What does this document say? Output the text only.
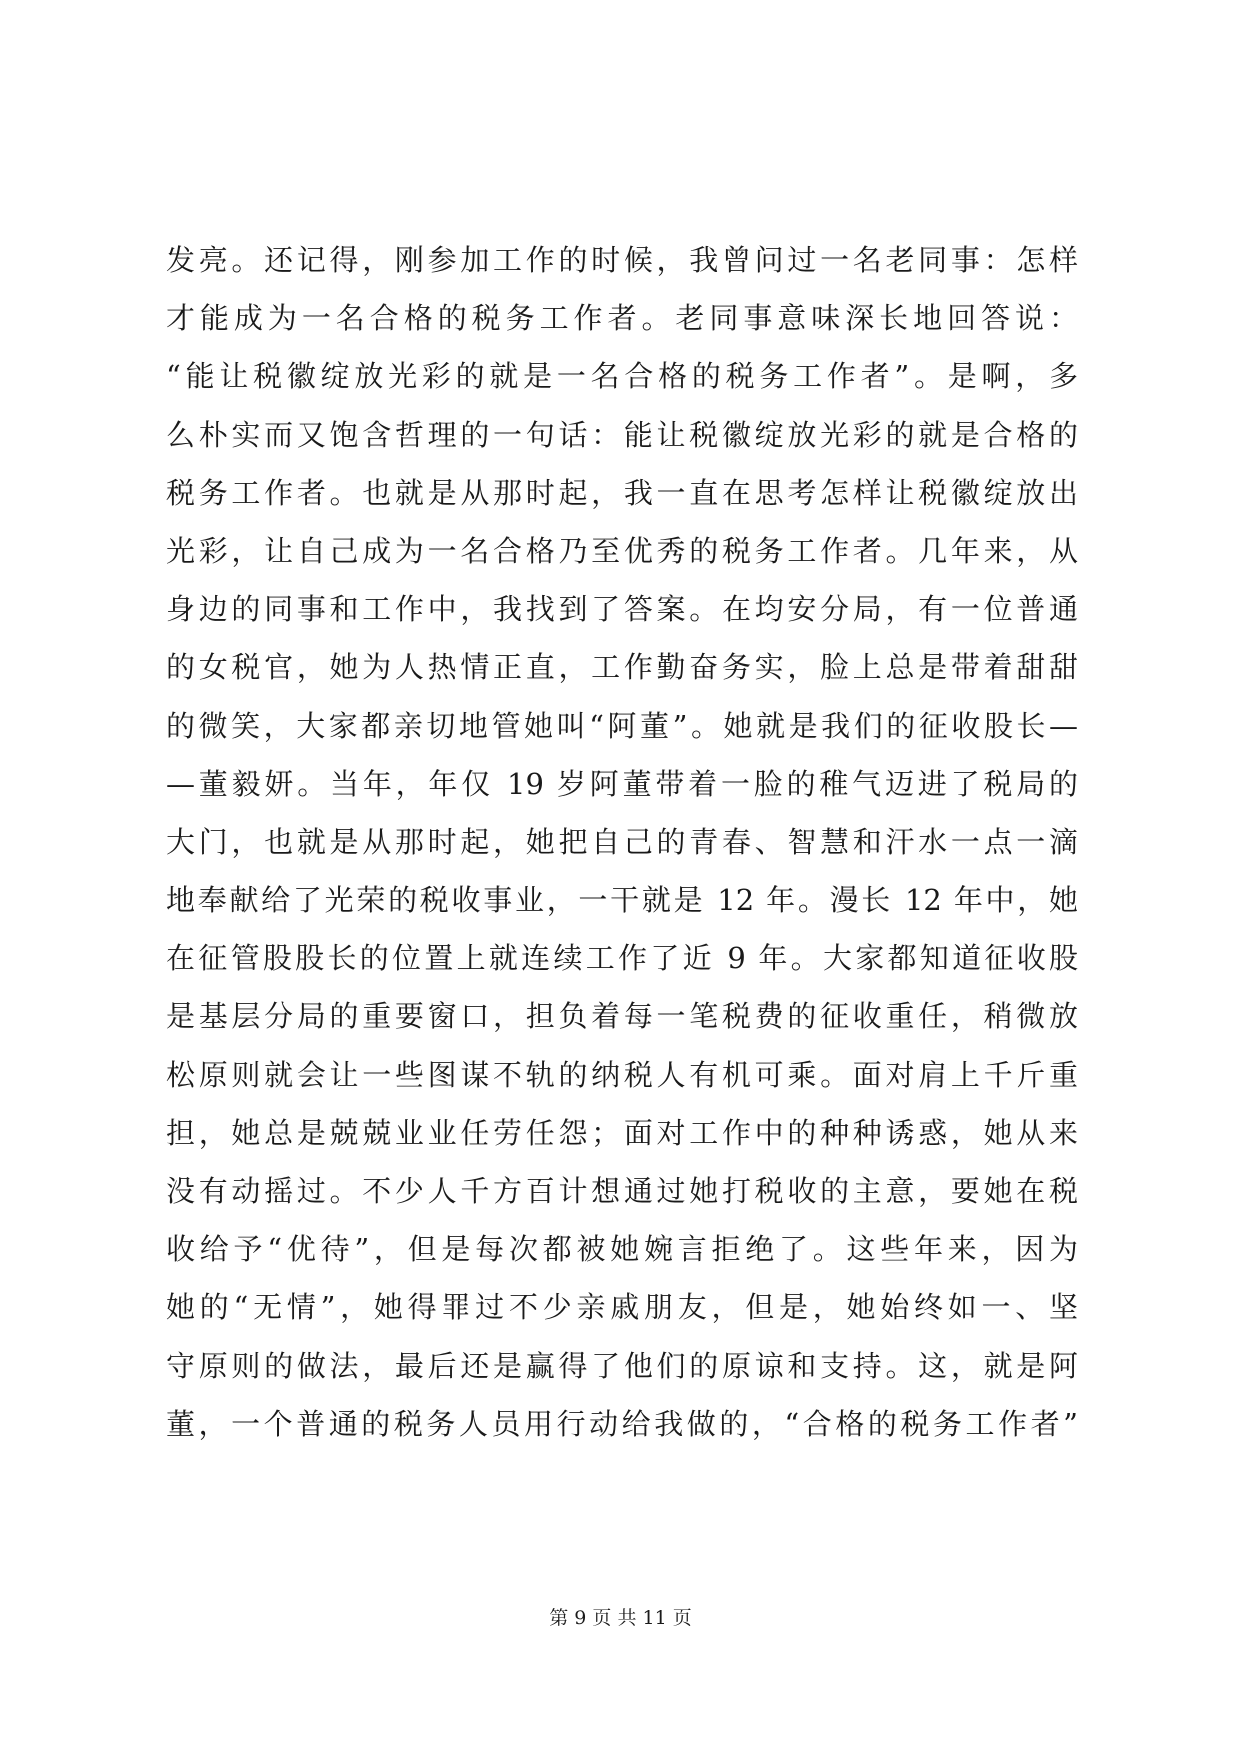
发亮。还记得，刚参加工作的时候，我曾问过一名老同事：怎样
才能成为一名合格的税务工作者。老同事意味深长地回答说：
“能让税徽绽放光彩的就是一名合格的税务工作者”。是啊，多
么朴实而又饱含哲理的一句话：能让税徽绽放光彩的就是合格的
税务工作者。也就是从那时起，我一直在思考怎样让税徽绽放出
光彩，让自己成为一名合格乃至优秀的税务工作者。几年来，从
身边的同事和工作中，我找到了答案。在均安分局，有一位普通
的女税官，她为人热情正直，工作勤奋务实，脸上总是带着甜甜
的微笑，大家都亲切地管她叫“阿董”。她就是我们的征收股长—
—董毅妍。当年，年仅 19 岁阿董带着一脸的稚气迈进了税局的
大门，也就是从那时起，她把自己的青春、智慧和汗水一点一滴
地奉献给了光荣的税收事业，一干就是 12 年。漫长 12 年中，她
在征管股股长的位置上就连续工作了近 9 年。大家都知道征收股
是基层分局的重要窗口，担负着每一笔税费的征收重任，稍微放
松原则就会让一些图谋不轨的纳税人有机可乘。面对肩上千斤重
担，她总是兢兢业业任劳任怨；面对工作中的种种诱惑，她从来
没有动摇过。不少人千方百计想通过她打税收的主意，要她在税
收给予“优待”，但是每次都被她婉言拒绝了。这些年来，因为
她的“无情”，她得罪过不少亲戚朋友，但是，她始终如一、坚
守原则的做法，最后还是赢得了他们的原谅和支持。这，就是阿
董，一个普通的税务人员用行动给我做的，“合格的税务工作者”
第 9 页 共 11 页
